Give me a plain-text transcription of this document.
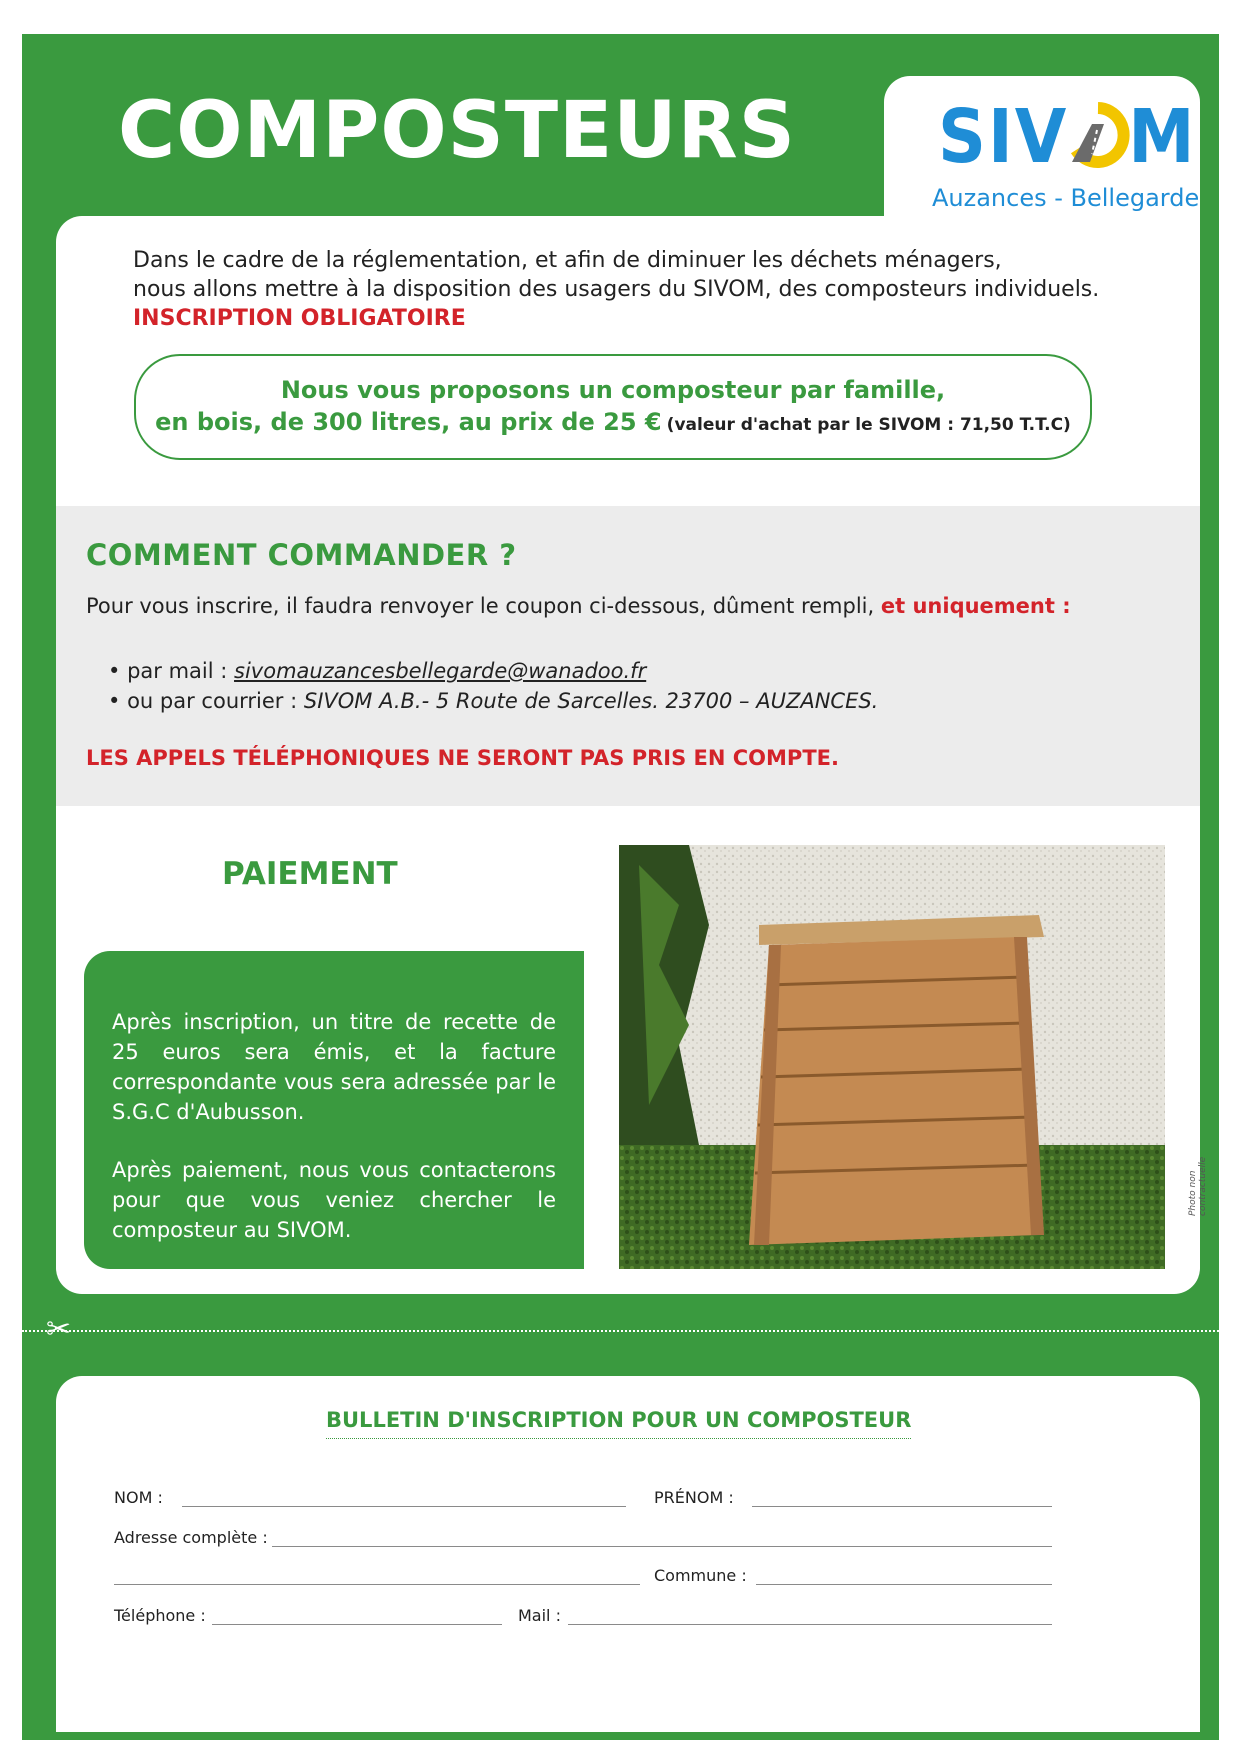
COMPOSTEURS SIV M
Auzances - Bellegarde
Dans le cadre de la réglementation, et afin de diminuer les déchets ménagers,
nous allons mettre à la disposition des usagers du SIVOM, des composteurs individuels.
INSCRIPTION OBLIGATOIRE
Nous vous proposons un composteur par famille,
en bois, de 300 litres, au prix de 25 € (valeur d'achat par le SIVOM : 71,50 T.T.C)
COMMENT COMMANDER ?
Pour vous inscrire, il faudra renvoyer le coupon ci-dessous, dûment rempli, et uniquement :
• par mail : sivomauzancesbellegarde@wanadoo.fr
• ou par courrier : SIVOM A.B.- 5 Route de Sarcelles. 23700 – AUZANCES.
LES APPELS TÉLÉPHONIQUES NE SERONT PAS PRIS EN COMPTE.
PAIEMENT

Après inscription, un titre de recette de 25 euros sera émis, et la facture correspondante vous sera adressée par le S.G.C d'Aubusson.

Après paiement, nous vous contacterons pour que vous veniez chercher le composteur au SIVOM.

Photo non contractuelle
✂
BULLETIN D'INSCRIPTION POUR UN COMPOSTEUR
NOM :	PRÉNOM :
Adresse complète :
Commune :
Téléphone :	Mail :
